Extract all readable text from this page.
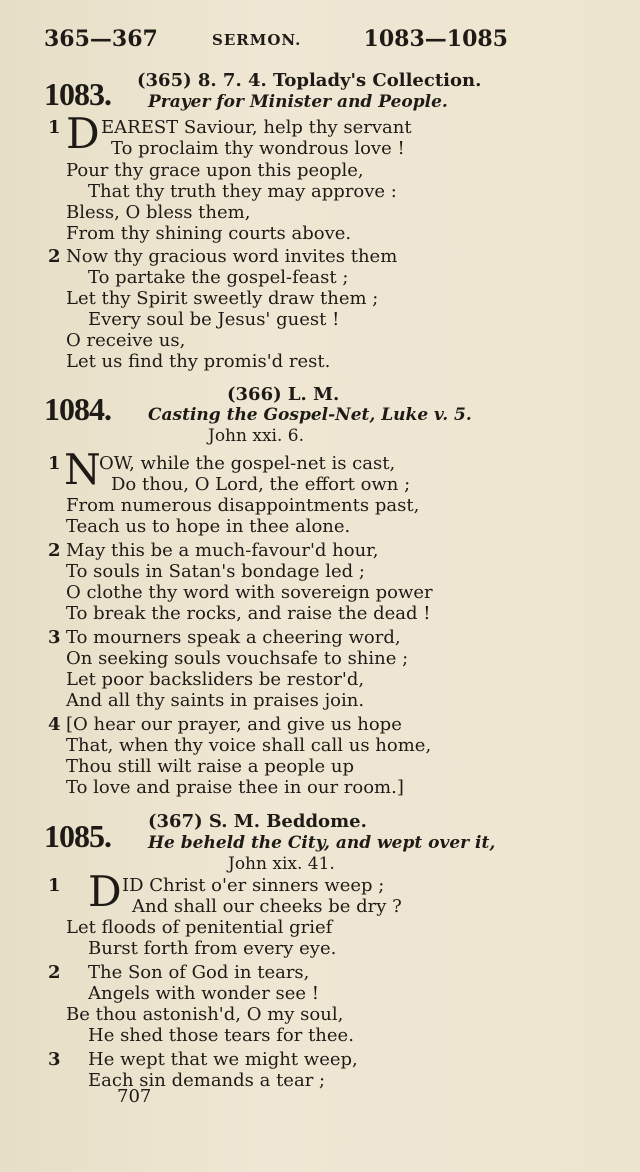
365—367	SERMON.	1083—1085
1083. (365) 8. 7. 4. Toplady's Collection.
Prayer for Minister and People.
1 D EAREST Saviour, help thy servant
To proclaim thy wondrous love !
Pour thy grace upon this people,
That thy truth they may approve :
Bless, O bless them,
From thy shining courts above.
2 Now thy gracious word invites them
To partake the gospel-feast ;
Let thy Spirit sweetly draw them ;
Every soul be Jesus' guest !
O receive us,
Let us find thy promis'd rest.
1084.	(366) L. M.
Casting the Gospel-Net, Luke v. 5.
John xxi. 6.
1 N
OW, while the gospel-net is cast,
Do thou, O Lord, the effort own ;
From numerous disappointments past,
Teach us to hope in thee alone.
2 May this be a much-favour'd hour,
To souls in Satan's bondage led ;
O clothe thy word with sovereign power
To break the rocks, and raise the dead !
3 To mourners speak a cheering word,
On seeking souls vouchsafe to shine ;
Let poor backsliders be restor'd,
And all thy saints in praises join.
4 [O hear our prayer, and give us hope
That, when thy voice shall call us home,
Thou still wilt raise a people up
To love and praise thee in our room.]
1085. (367) S. M. Beddome.
He beheld the City, and wept over it,
John xix. 41.
1 D ID Christ o'er sinners weep ;
And shall our cheeks be dry ?
Let floods of penitential grief
Burst forth from every eye.
2 The Son of God in tears,
Angels with wonder see !
Be thou astonish'd, O my soul,
He shed those tears for thee.
3 He wept that we might weep,
Each sin demands a tear ;
707
